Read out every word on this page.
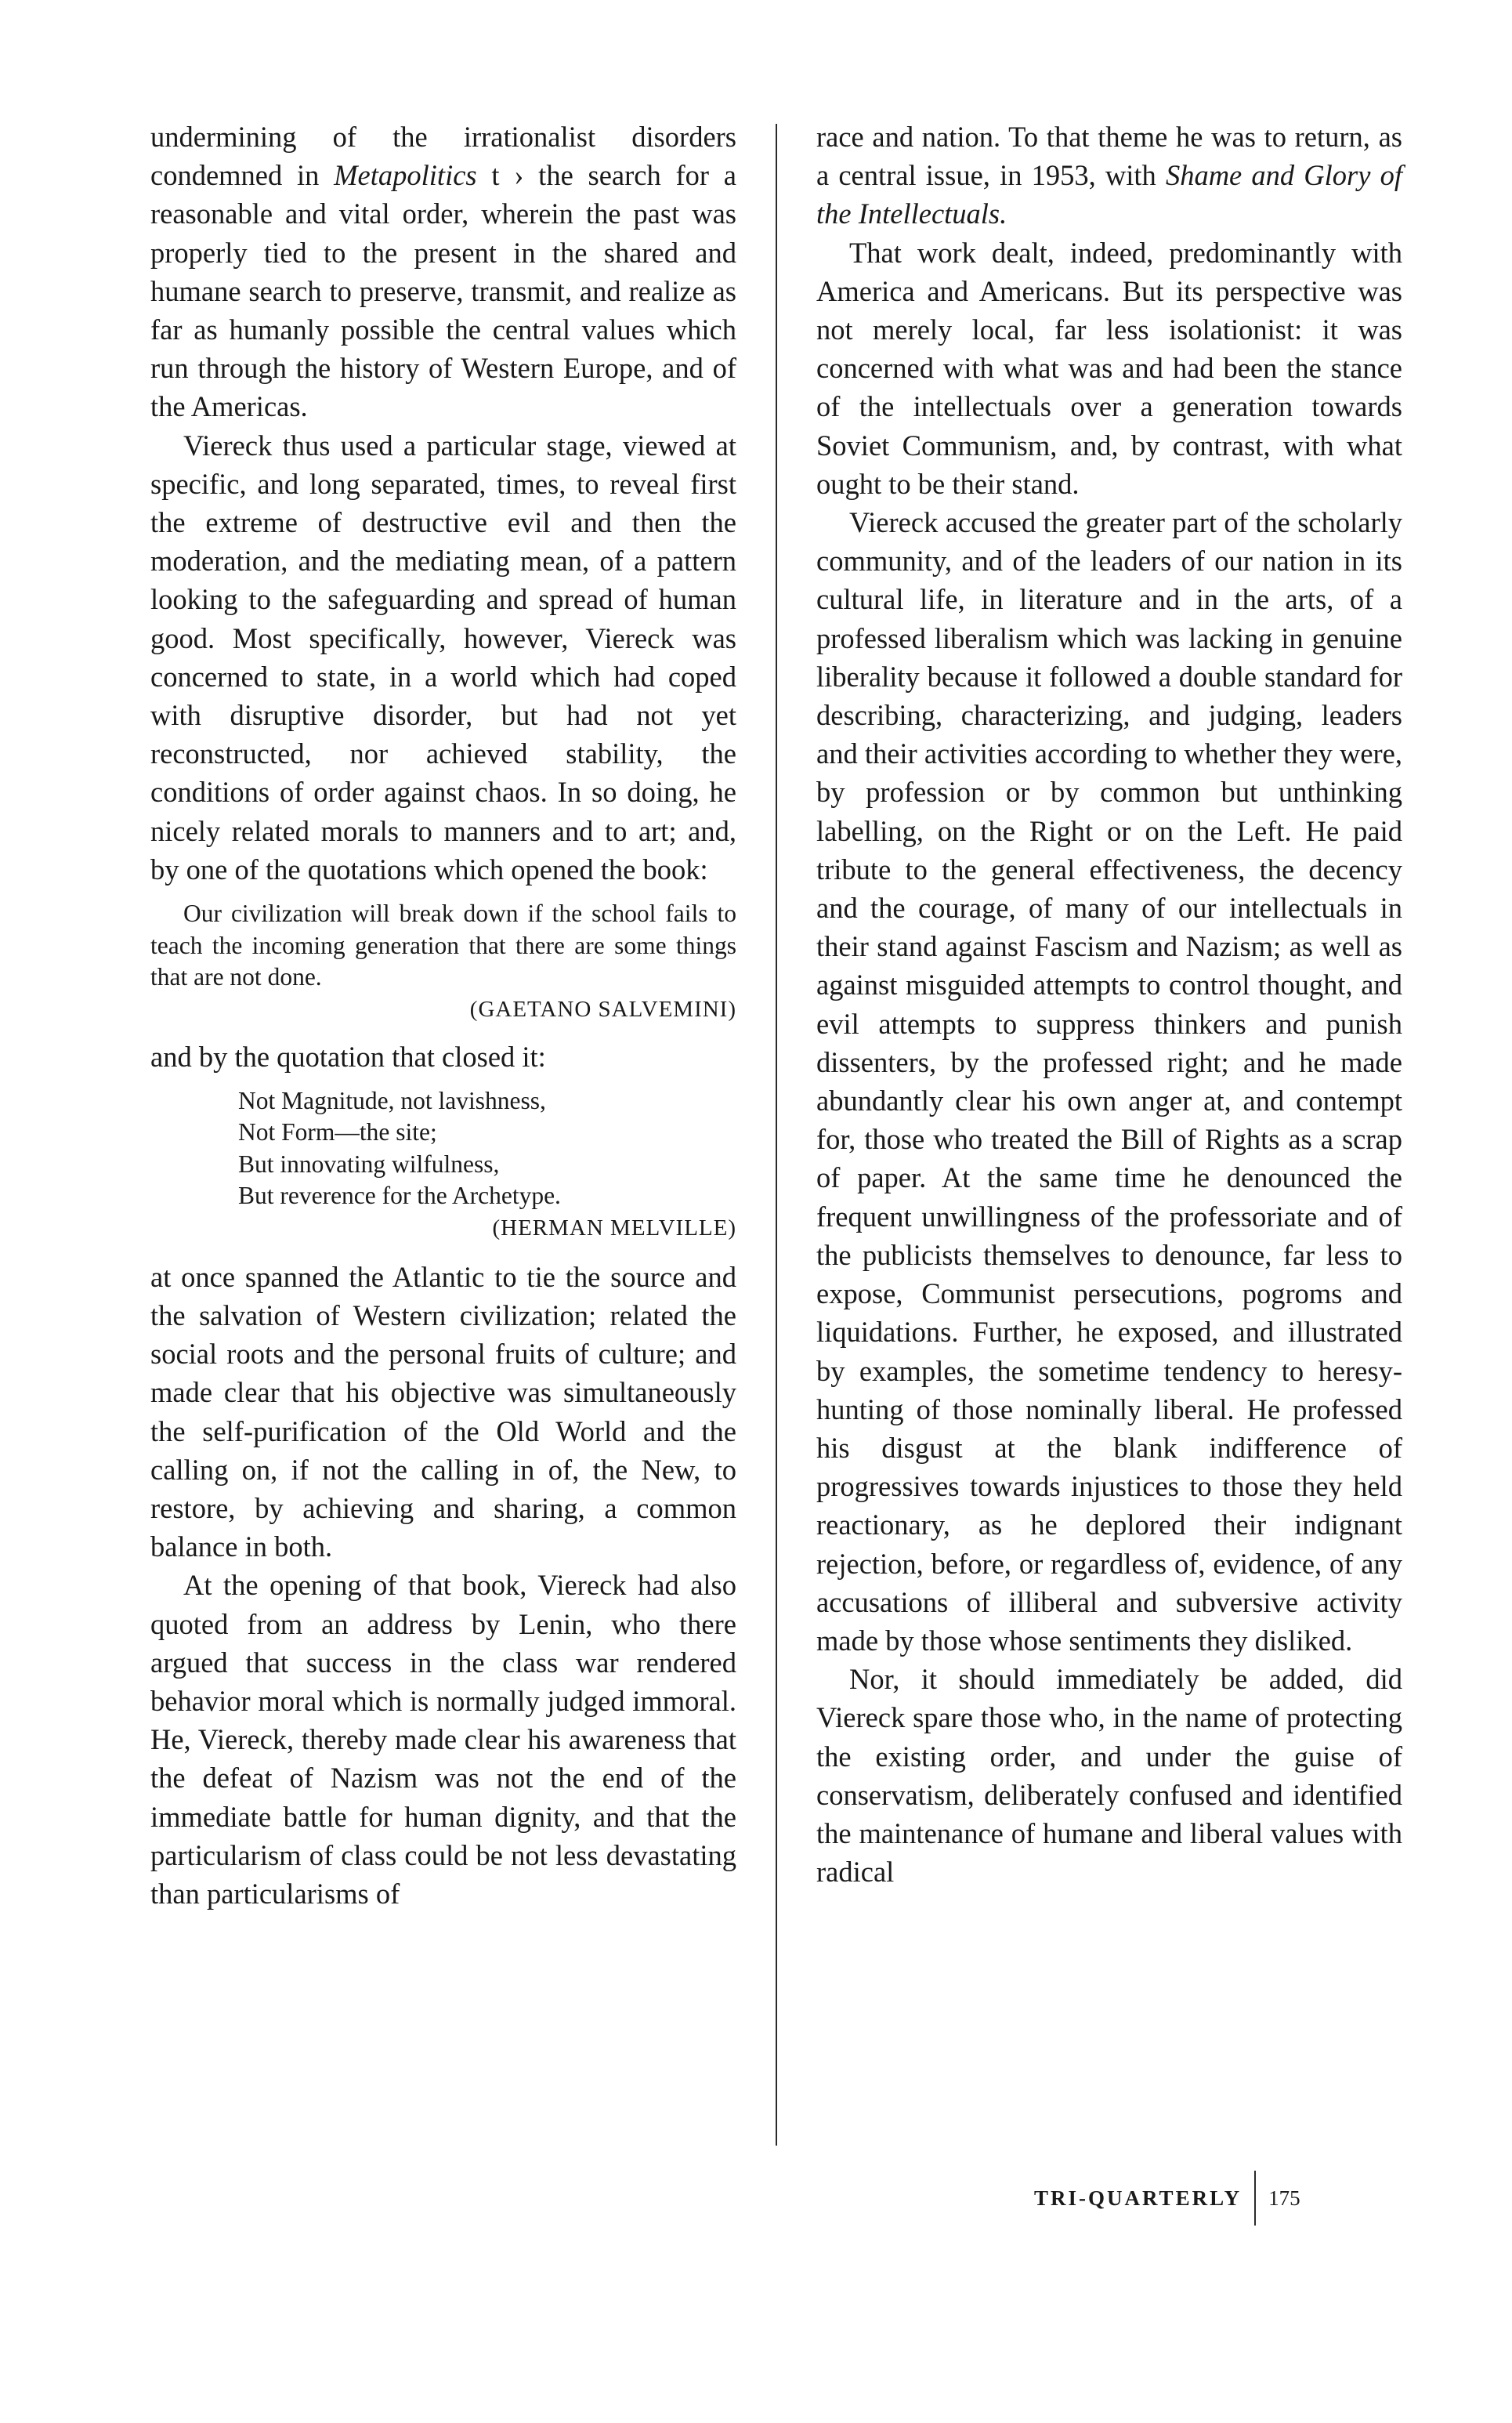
undermining of the irrationalist disorders condemned in Metapolitics t › the search for a reasonable and vital order, wherein the past was properly tied to the present in the shared and humane search to preserve, transmit, and realize as far as humanly possible the central values which run through the history of Western Europe, and of the Americas.

Viereck thus used a particular stage, viewed at specific, and long separated, times, to reveal first the extreme of destructive evil and then the moderation, and the mediating mean, of a pattern looking to the safeguarding and spread of human good. Most specifically, however, Viereck was concerned to state, in a world which had coped with disruptive disorder, but had not yet reconstructed, nor achieved stability, the conditions of order against chaos. In so doing, he nicely related morals to manners and to art; and, by one of the quotations which opened the book:

Our civilization will break down if the school fails to teach the incoming generation that there are some things that are not done.
(GAETANO SALVEMINI)

and by the quotation that closed it:

Not Magnitude, not lavishness,
Not Form—the site;
But innovating wilfulness,
But reverence for the Archetype.
(HERMAN MELVILLE)

at once spanned the Atlantic to tie the source and the salvation of Western civilization; related the social roots and the personal fruits of culture; and made clear that his objective was simultaneously the self-purification of the Old World and the calling on, if not the calling in of, the New, to restore, by achieving and sharing, a common balance in both.

At the opening of that book, Viereck had also quoted from an address by Lenin, who there argued that success in the class war rendered behavior moral which is normally judged immoral. He, Viereck, thereby made clear his awareness that the defeat of Nazism was not the end of the immediate battle for human dignity, and that the particularism of class could be not less devastating than particularisms of

race and nation. To that theme he was to return, as a central issue, in 1953, with Shame and Glory of the Intellectuals.

That work dealt, indeed, predominantly with America and Americans. But its perspective was not merely local, far less isolationist: it was concerned with what was and had been the stance of the intellectuals over a generation towards Soviet Communism, and, by contrast, with what ought to be their stand.

Viereck accused the greater part of the scholarly community, and of the leaders of our nation in its cultural life, in literature and in the arts, of a professed liberalism which was lacking in genuine liberality because it followed a double standard for describing, characterizing, and judging, leaders and their activities according to whether they were, by profession or by common but unthinking labelling, on the Right or on the Left. He paid tribute to the general effectiveness, the decency and the courage, of many of our intellectuals in their stand against Fascism and Nazism; as well as against misguided attempts to control thought, and evil attempts to suppress thinkers and punish dissenters, by the professed right; and he made abundantly clear his own anger at, and contempt for, those who treated the Bill of Rights as a scrap of paper. At the same time he denounced the frequent unwillingness of the professoriate and of the publicists themselves to denounce, far less to expose, Communist persecutions, pogroms and liquidations. Further, he exposed, and illustrated by examples, the sometime tendency to heresy-hunting of those nominally liberal. He professed his disgust at the blank indifference of progressives towards injustices to those they held reactionary, as he deplored their indignant rejection, before, or regardless of, evidence, of any accusations of illiberal and subversive activity made by those whose sentiments they disliked.

Nor, it should immediately be added, did Viereck spare those who, in the name of protecting the existing order, and under the guise of conservatism, deliberately confused and identified the maintenance of humane and liberal values with radical

TRI-QUARTERLY	175
